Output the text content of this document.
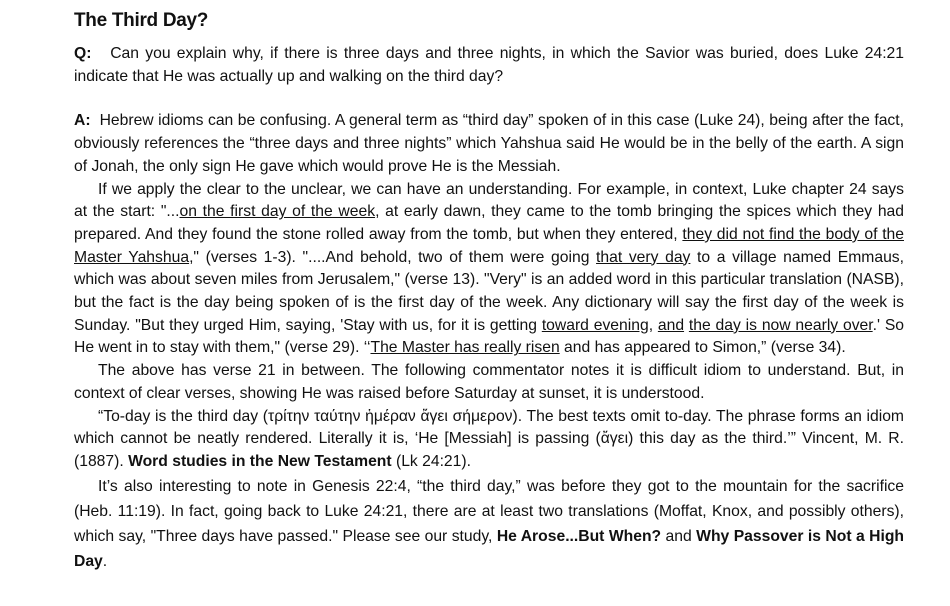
The Third Day?

Q: Can you explain why, if there is three days and three nights, in which the Savior was buried, does Luke 24:21 indicate that He was actually up and walking on the third day?

A: Hebrew idioms can be confusing. A general term as “third day” spoken of in this case (Luke 24), being after the fact, obviously references the “three days and three nights” which Yahshua said He would be in the belly of the earth. A sign of Jonah, the only sign He gave which would prove He is the Messiah.

If we apply the clear to the unclear, we can have an understanding. For example, in context, Luke chapter 24 says at the start: "...on the first day of the week, at early dawn, they came to the tomb bringing the spices which they had prepared. And they found the stone rolled away from the tomb, but when they entered, they did not find the body of the Master Yahshua," (verses 1-3). "....And behold, two of them were going that very day to a village named Emmaus, which was about seven miles from Jerusalem," (verse 13). "Very" is an added word in this particular translation (NASB), but the fact is the day being spoken of is the first day of the week. Any dictionary will say the first day of the week is Sunday. "But they urged Him, saying, 'Stay with us, for it is getting toward evening, and the day is now nearly over.' So He went in to stay with them," (verse 29). ‘‘The Master has really risen and has appeared to Simon,” (verse 34).

The above has verse 21 in between. The following commentator notes it is difficult idiom to understand. But, in context of clear verses, showing He was raised before Saturday at sunset, it is understood.

“To-day is the third day (τρίτην ταύτην ἡμέραν ἄγει σήμερον). The best texts omit to-day. The phrase forms an idiom which cannot be neatly rendered. Literally it is, ‘He [Messiah] is passing (ἄγει) this day as the third.’” Vincent, M. R. (1887). Word studies in the New Testament (Lk 24:21).

It’s also interesting to note in Genesis 22:4, “the third day,” was before they got to the mountain for the sacrifice (Heb. 11:19). In fact, going back to Luke 24:21, there are at least two translations (Moffat, Knox, and possibly others), which say, "Three days have passed." Please see our study, He Arose...But When? and Why Passover is Not a High Day.
